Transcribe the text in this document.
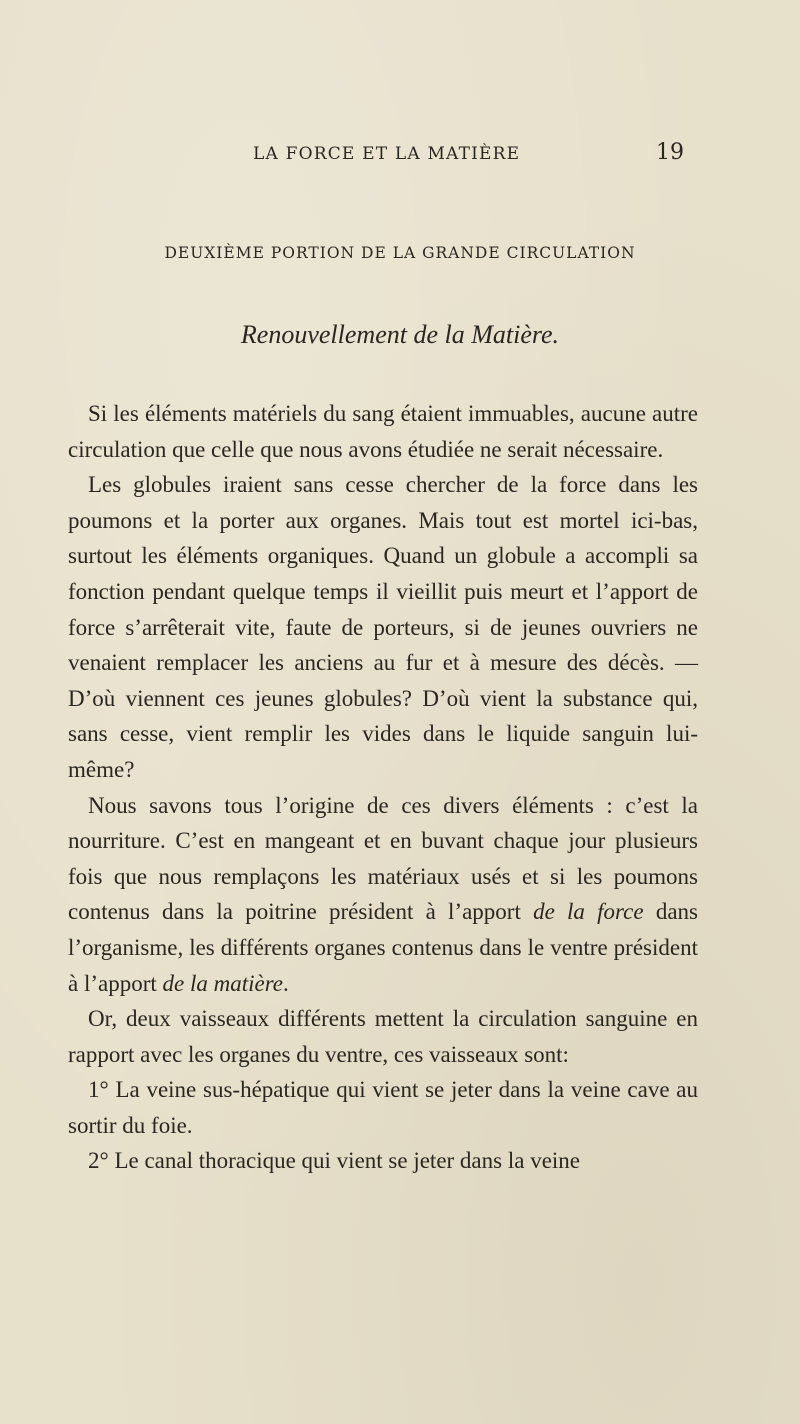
LA FORCE ET LA MATIÈRE	19
DEUXIÈME PORTION DE LA GRANDE CIRCULATION
Renouvellement de la Matière.

Si les éléments matériels du sang étaient immuables, aucune autre circulation que celle que nous avons étudiée ne serait nécessaire.

Les globules iraient sans cesse chercher de la force dans les poumons et la porter aux organes. Mais tout est mortel ici-bas, surtout les éléments organiques. Quand un globule a accompli sa fonction pendant quelque temps il vieillit puis meurt et l’apport de force s’arrêterait vite, faute de porteurs, si de jeunes ouvriers ne venaient remplacer les anciens au fur et à mesure des décès. — D’où viennent ces jeunes globules? D’où vient la substance qui, sans cesse, vient remplir les vides dans le liquide sanguin lui-même?

Nous savons tous l’origine de ces divers éléments : c’est la nourriture. C’est en mangeant et en buvant chaque jour plusieurs fois que nous remplaçons les matériaux usés et si les poumons contenus dans la poitrine président à l’apport de la force dans l’organisme, les différents organes contenus dans le ventre président à l’apport de la matière.

Or, deux vaisseaux différents mettent la circulation sanguine en rapport avec les organes du ventre, ces vaisseaux sont:

1° La veine sus-hépatique qui vient se jeter dans la veine cave au sortir du foie.

2° Le canal thoracique qui vient se jeter dans la veine
